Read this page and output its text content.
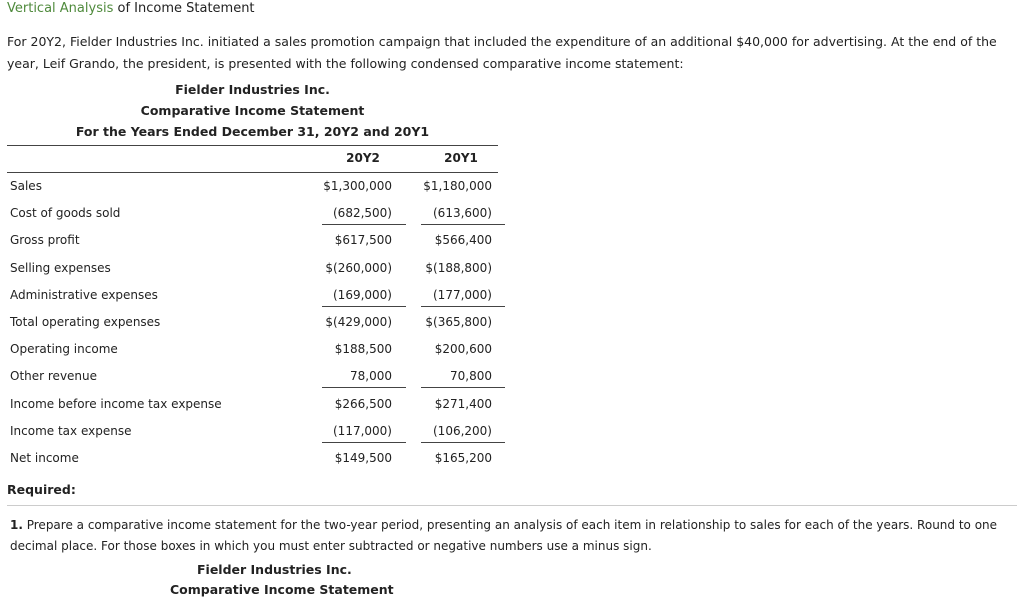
Vertical Analysis of Income Statement
For 20Y2, Fielder Industries Inc. initiated a sales promotion campaign that included the expenditure of an additional $40,000 for advertising. At the end of the year, Leif Grando, the president, is presented with the following condensed comparative income statement:
Fielder Industries Inc.
Comparative Income Statement
For the Years Ended December 31, 20Y2 and 20Y1
20Y2	20Y1
Sales	$1,300,000	$1,180,000
Cost of goods sold	(682,500)	(613,600)
Gross profit	$617,500	$566,400
Selling expenses	$(260,000)	$(188,800)
Administrative expenses	(169,000)	(177,000)
Total operating expenses	$(429,000)	$(365,800)
Operating income	$188,500	$200,600
Other revenue	78,000	70,800
Income before income tax expense	$266,500	$271,400
Income tax expense	(117,000)	(106,200)
Net income	$149,500	$165,200
Required:
1. Prepare a comparative income statement for the two-year period, presenting an analysis of each item in relationship to sales for each of the years. Round to one decimal place. For those boxes in which you must enter subtracted or negative numbers use a minus sign.
Fielder Industries Inc.
Comparative Income Statement
